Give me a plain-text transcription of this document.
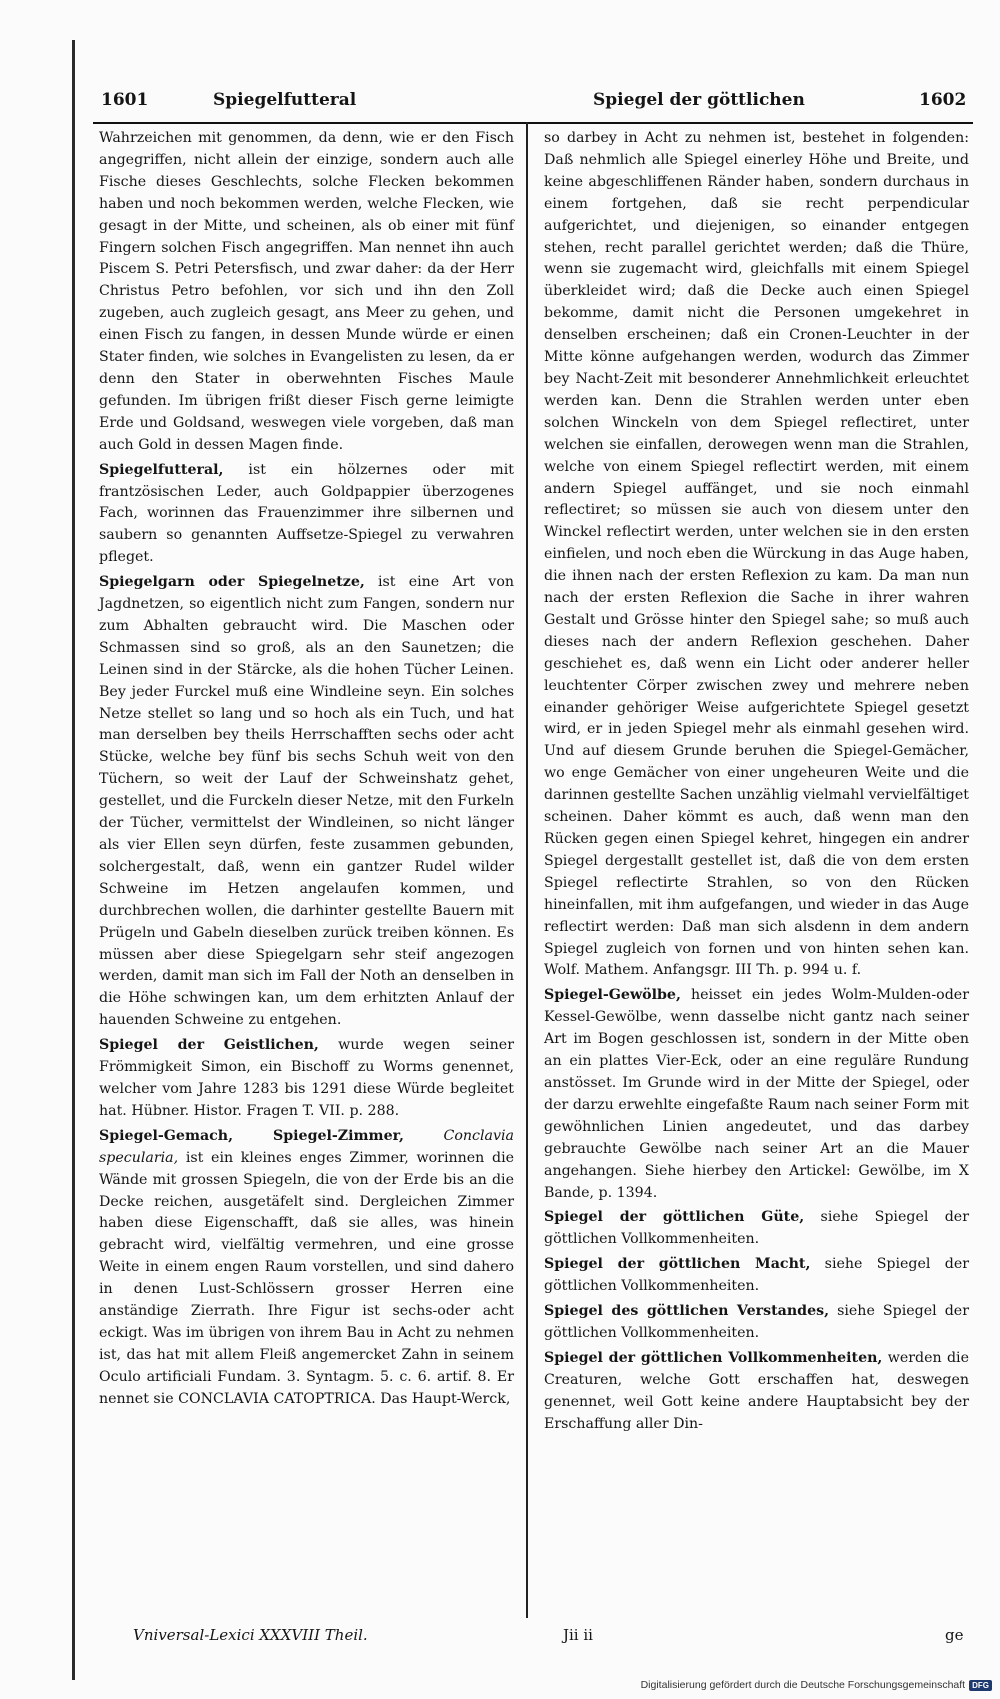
1601	Spiegelfutteral	Spiegel der göttlichen	1602

Wahrzeichen mit genommen, da denn, wie er den Fisch angegriffen, nicht allein der einzige, sondern auch alle Fische dieses Geschlechts, solche Flecken bekommen haben und noch bekommen werden, welche Flecken, wie gesagt in der Mitte, und scheinen, als ob einer mit fünf Fingern solchen Fisch angegriffen. Man nennet ihn auch Piscem S. Petri Petersfisch, und zwar daher: da der Herr Christus Petro befohlen, vor sich und ihn den Zoll zugeben, auch zugleich gesagt, ans Meer zu gehen, und einen Fisch zu fangen, in dessen Munde würde er einen Stater finden, wie solches in Evangelisten zu lesen, da er denn den Stater in oberwehnten Fisches Maule gefunden. Im übrigen frißt dieser Fisch gerne leimigte Erde und Goldsand, weswegen viele vorgeben, daß man auch Gold in dessen Magen finde.

Spiegelfutteral, ist ein hölzernes oder mit frantzösischen Leder, auch Goldpappier überzogenes Fach, worinnen das Frauenzimmer ihre silbernen und saubern so genannten Auffsetze-Spiegel zu verwahren pfleget.

Spiegelgarn oder Spiegelnetze, ist eine Art von Jagdnetzen, so eigentlich nicht zum Fangen, sondern nur zum Abhalten gebraucht wird. Die Maschen oder Schmassen sind so groß, als an den Saunetzen; die Leinen sind in der Stärcke, als die hohen Tücher Leinen. Bey jeder Furckel muß eine Windleine seyn. Ein solches Netze stellet so lang und so hoch als ein Tuch, und hat man derselben bey theils Herrschafften sechs oder acht Stücke, welche bey fünf bis sechs Schuh weit von den Tüchern, so weit der Lauf der Schweinshatz gehet, gestellet, und die Furckeln dieser Netze, mit den Furkeln der Tücher, vermittelst der Windleinen, so nicht länger als vier Ellen seyn dürfen, feste zusammen gebunden, solchergestalt, daß, wenn ein gantzer Rudel wilder Schweine im Hetzen angelaufen kommen, und durchbrechen wollen, die darhinter gestellte Bauern mit Prügeln und Gabeln dieselben zurück treiben können. Es müssen aber diese Spiegelgarn sehr steif angezogen werden, damit man sich im Fall der Noth an denselben in die Höhe schwingen kan, um dem erhitzten Anlauf der hauenden Schweine zu entgehen.

Spiegel der Geistlichen, wurde wegen seiner Frömmigkeit Simon, ein Bischoff zu Worms genennet, welcher vom Jahre 1283 bis 1291 diese Würde begleitet hat. Hübner. Histor. Fragen T. VII. p. 288.

Spiegel-Gemach, Spiegel-Zimmer, Conclavia specularia, ist ein kleines enges Zimmer, worinnen die Wände mit grossen Spiegeln, die von der Erde bis an die Decke reichen, ausgetäfelt sind. Dergleichen Zimmer haben diese Eigenschafft, daß sie alles, was hinein gebracht wird, vielfältig vermehren, und eine grosse Weite in einem engen Raum vorstellen, und sind dahero in denen Lust-Schlössern grosser Herren eine anständige Zierrath. Ihre Figur ist sechs-oder acht eckigt. Was im übrigen von ihrem Bau in Acht zu nehmen ist, das hat mit allem Fleiß angemercket Zahn in seinem Oculo artificiali Fundam. 3. Syntagm. 5. c. 6. artif. 8. Er nennet sie CONCLAVIA CATOPTRICA. Das Haupt-Werck,

so darbey in Acht zu nehmen ist, bestehet in folgenden: Daß nehmlich alle Spiegel einerley Höhe und Breite, und keine abgeschliffenen Ränder haben, sondern durchaus in einem fortgehen, daß sie recht perpendicular aufgerichtet, und diejenigen, so einander entgegen stehen, recht parallel gerichtet werden; daß die Thüre, wenn sie zugemacht wird, gleichfalls mit einem Spiegel überkleidet wird; daß die Decke auch einen Spiegel bekomme, damit nicht die Personen umgekehret in denselben erscheinen; daß ein Cronen-Leuchter in der Mitte könne aufgehangen werden, wodurch das Zimmer bey Nacht-Zeit mit besonderer Annehmlichkeit erleuchtet werden kan. Denn die Strahlen werden unter eben solchen Winckeln von dem Spiegel reflectiret, unter welchen sie einfallen, derowegen wenn man die Strahlen, welche von einem Spiegel reflectirt werden, mit einem andern Spiegel auffänget, und sie noch einmahl reflectiret; so müssen sie auch von diesem unter den Winckel reflectirt werden, unter welchen sie in den ersten einfielen, und noch eben die Würckung in das Auge haben, die ihnen nach der ersten Reflexion zu kam. Da man nun nach der ersten Reflexion die Sache in ihrer wahren Gestalt und Grösse hinter den Spiegel sahe; so muß auch dieses nach der andern Reflexion geschehen. Daher geschiehet es, daß wenn ein Licht oder anderer heller leuchtenter Cörper zwischen zwey und mehrere neben einander gehöriger Weise aufgerichtete Spiegel gesetzt wird, er in jeden Spiegel mehr als einmahl gesehen wird. Und auf diesem Grunde beruhen die Spiegel-Gemächer, wo enge Gemächer von einer ungeheuren Weite und die darinnen gestellte Sachen unzählig vielmahl vervielfältiget scheinen. Daher kömmt es auch, daß wenn man den Rücken gegen einen Spiegel kehret, hingegen ein andrer Spiegel dergestallt gestellet ist, daß die von dem ersten Spiegel reflectirte Strahlen, so von den Rücken hineinfallen, mit ihm aufgefangen, und wieder in das Auge reflectirt werden: Daß man sich alsdenn in dem andern Spiegel zugleich von fornen und von hinten sehen kan. Wolf. Mathem. Anfangsgr. III Th. p. 994 u. f.

Spiegel-Gewölbe, heisset ein jedes Wolm-Mulden-oder Kessel-Gewölbe, wenn dasselbe nicht gantz nach seiner Art im Bogen geschlossen ist, sondern in der Mitte oben an ein plattes Vier-Eck, oder an eine reguläre Rundung anstösset. Im Grunde wird in der Mitte der Spiegel, oder der darzu erwehlte eingefaßte Raum nach seiner Form mit gewöhnlichen Linien angedeutet, und das darbey gebrauchte Gewölbe nach seiner Art an die Mauer angehangen. Siehe hierbey den Artickel: Gewölbe, im X Bande, p. 1394.

Spiegel der göttlichen Güte, siehe Spiegel der göttlichen Vollkommenheiten.

Spiegel der göttlichen Macht, siehe Spiegel der göttlichen Vollkommenheiten.

Spiegel des göttlichen Verstandes, siehe Spiegel der göttlichen Vollkommenheiten.

Spiegel der göttlichen Vollkommenheiten, werden die Creaturen, welche Gott erschaffen hat, deswegen genennet, weil Gott keine andere Hauptabsicht bey der Erschaffung aller Din-

Vniversal-Lexici XXXVIII Theil.	Jii ii	ge
Digitalisierung gefördert durch die Deutsche Forschungsgemeinschaft DFG
